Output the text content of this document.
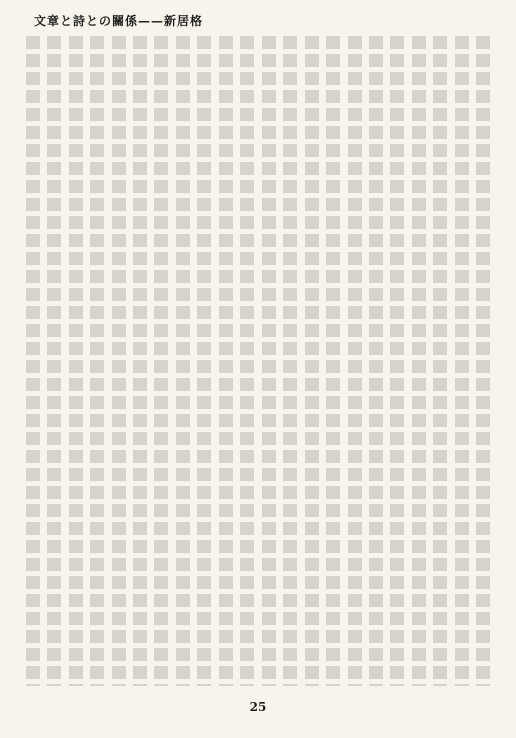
文章と詩との關係——新居格
25
